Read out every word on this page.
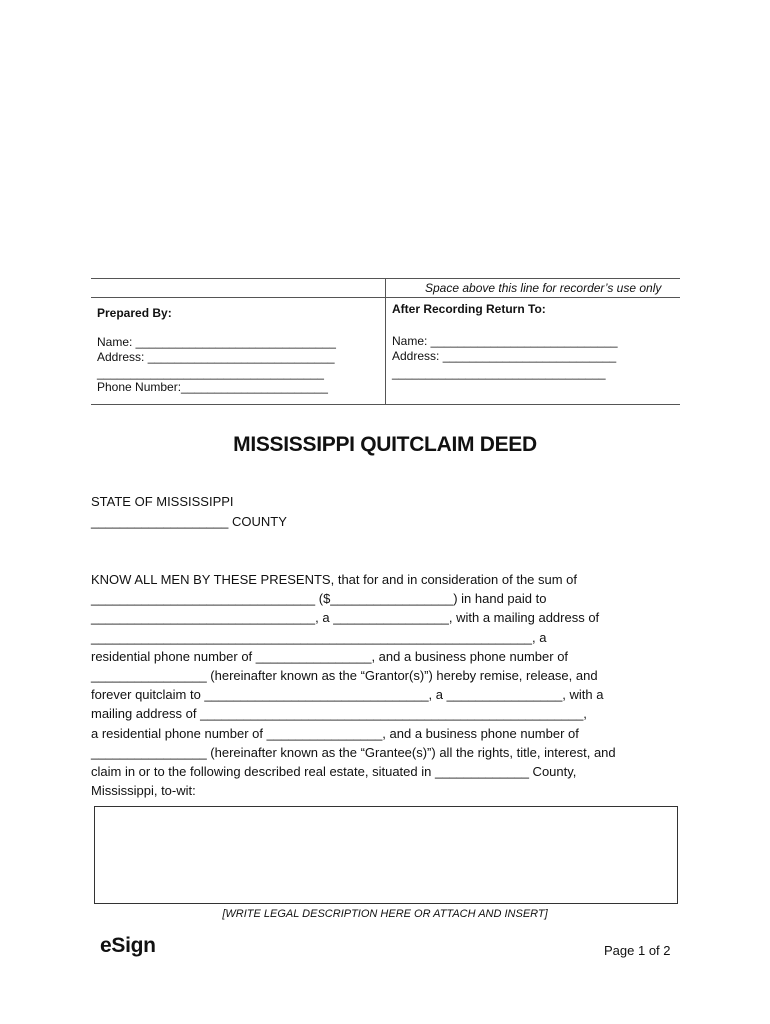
Space above this line for recorder’s use only
Prepared By:
Name: ______________________________
Address: ____________________________
__________________________________
Phone Number:______________________
After Recording Return To:
Name: ____________________________
Address: __________________________
________________________________
MISSISSIPPI QUITCLAIM DEED
STATE OF MISSISSIPPI
___________________ COUNTY
KNOW ALL MEN BY THESE PRESENTS, that for and in consideration of the sum of
_______________________________ ($_________________) in hand paid to
_______________________________, a ________________, with a mailing address of
_____________________________________________________________, a
residential phone number of ________________, and a business phone number of
________________ (hereinafter known as the “Grantor(s)”) hereby remise, release, and
forever quitclaim to _______________________________, a ________________, with a
mailing address of _____________________________________________________,
a residential phone number of ________________, and a business phone number of
________________ (hereinafter known as the “Grantee(s)”) all the rights, title, interest, and
claim in or to the following described real estate, situated in _____________ County,
Mississippi, to-wit:
[WRITE LEGAL DESCRIPTION HERE OR ATTACH AND INSERT]
eSign	Page 1 of 2
